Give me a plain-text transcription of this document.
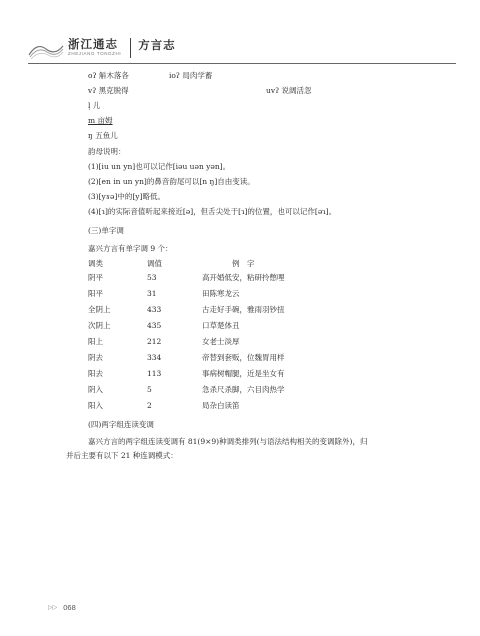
浙江通志
ZHEJIANG TONGZHI
方言志
oʔ 斛木落各	ioʔ 局肉学蓄
vʔ 黑克脱得	uvʔ 说阔活忽
l̩ 儿
m 亩姆
ŋ 五鱼儿
韵母说明：
(1)[iu un yn]也可以记作[iəu uən yən]。
(2)[en in un yn]的鼻音韵尾可以[n ŋ]自由变读。
(3)[yɤə]中的[y]略低。
(4)[ɿ]的实际音值听起来接近[ə]，但舌尖处于[ɿ]的位置，也可以记作[əɿ]。
(三)单字调
嘉兴方言有单字调 9 个：
调类	调值	例　字
阴平	53	高开婚低安，粘研拎憋哩
阳平	31	田陈寒龙云
全阴上	433	古走好手碗，雅雨羽钞扭
次阴上	435	口草楚体丑
阳上	212	女老士淡厚
阴去	334	帝替到套贩，位魏胃用样
阳去	113	事病树帽腿，近是坐女有
阴入	5	急杀尺杀脚，六目肉热学
阳入	2	局杂白读笛
(四)两字组连读变调
嘉兴方言的两字组连读变调有 81(9×9)种调类排列(与语法结构相关的变调除外)，归
并后主要有以下 21 种连调模式：
▷▷ 068
